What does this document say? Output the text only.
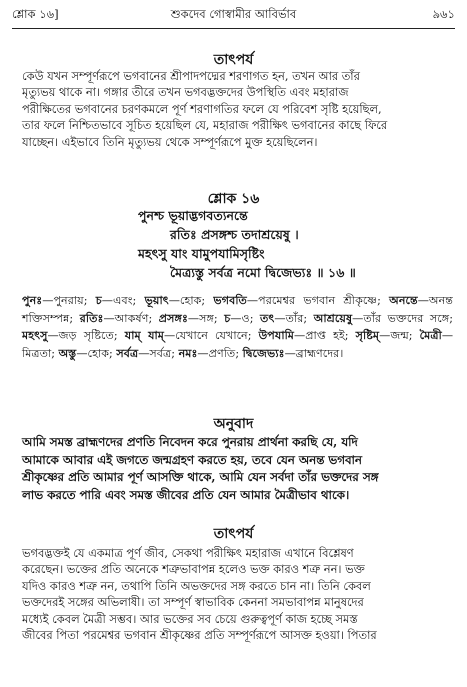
শ্লোক ১৬]	শুকদেব গোস্বামীর আবির্ভাব	৯৬১
তাৎপর্য
কেউ যখন সম্পূর্ণরূপে ভগবানের শ্রীপাদপদ্মের শরণাগত হন, তখন আর তাঁর
মৃত্যুভয় থাকে না। গঙ্গার তীরে তখন ভগবদ্ভক্তদের উপস্থিতি এবং মহারাজ
পরীক্ষিতের ভগবানের চরণকমলে পূর্ণ শরণাগতির ফলে যে পরিবেশ সৃষ্টি হয়েছিল,
তার ফলে নিশ্চিতভাবে সূচিত হয়েছিল যে, মহারাজ পরীক্ষিৎ ভগবানের কাছে ফিরে
যাচ্ছেন। এইভাবে তিনি মৃত্যুভয় থেকে সম্পূর্ণরূপে মুক্ত হয়েছিলেন।
শ্লোক ১৬
পুনশ্চ ভূয়াদ্ভগবত্যনন্তে
রতিঃ প্রসঙ্গশ্চ তদাশ্রয়েষু ।
মহৎসু যাং যামুপযামিসৃষ্টিং
মৈত্র্যস্তু সর্বত্র নমো দ্বিজেভ্যঃ ॥ ১৬ ॥
পুনঃ—পুনরায়; চ—এবং; ভূয়াৎ—হোক; ভগবতি—পরমেশ্বর ভগবান শ্রীকৃষ্ণে; অনন্তে—অনন্ত শক্তিসম্পন্ন; রতিঃ—আকর্ষণ; প্রসঙ্গঃ—সঙ্গ; চ—ও; তৎ—তাঁর; আশ্রয়েষু—তাঁর ভক্তদের সঙ্গে; মহৎসু—জড় সৃষ্টিতে; যাম্ যাম্—যেখানে যেখানে; উপযামি—প্রাপ্ত হই; সৃষ্টিম্—জন্ম; মৈত্রী—মিত্রতা; অস্তু—হোক; সর্বত্র—সর্বত্র; নমঃ—প্রণতি; দ্বিজেভ্যঃ—ব্রাহ্মণদের।
অনুবাদ
আমি সমস্ত ব্রাহ্মণদের প্রণতি নিবেদন করে পুনরায় প্রার্থনা করছি যে, যদি
আমাকে আবার এই জগতে জন্মগ্রহণ করতে হয়, তবে যেন অনন্ত ভগবান
শ্রীকৃষ্ণের প্রতি আমার পূর্ণ আসক্তি থাকে, আমি যেন সর্বদা তাঁর ভক্তদের সঙ্গ
লাভ করতে পারি এবং সমস্ত জীবের প্রতি যেন আমার মৈত্রীভাব থাকে।
তাৎপর্য
ভগবদ্ভক্তই যে একমাত্র পূর্ণ জীব, সেকথা পরীক্ষিৎ মহারাজ এখানে বিশ্লেষণ
করেছেন। ভক্তের প্রতি অনেকে শত্রুভাবাপন্ন হলেও ভক্ত কারও শত্রু নন। ভক্ত
যদিও কারও শত্রু নন, তথাপি তিনি অভক্তদের সঙ্গ করতে চান না। তিনি কেবল
ভক্তদেরই সঙ্গের অভিলাষী। তা সম্পূর্ণ স্বাভাবিক কেননা সমভাবাপন্ন মানুষদের
মধ্যেই কেবল মৈত্রী সম্ভব। আর ভক্তের সব চেয়ে গুরুত্বপূর্ণ কাজ হচ্ছে সমস্ত
জীবের পিতা পরমেশ্বর ভগবান শ্রীকৃষ্ণের প্রতি সম্পূর্ণরূপে আসক্ত হওয়া। পিতার
